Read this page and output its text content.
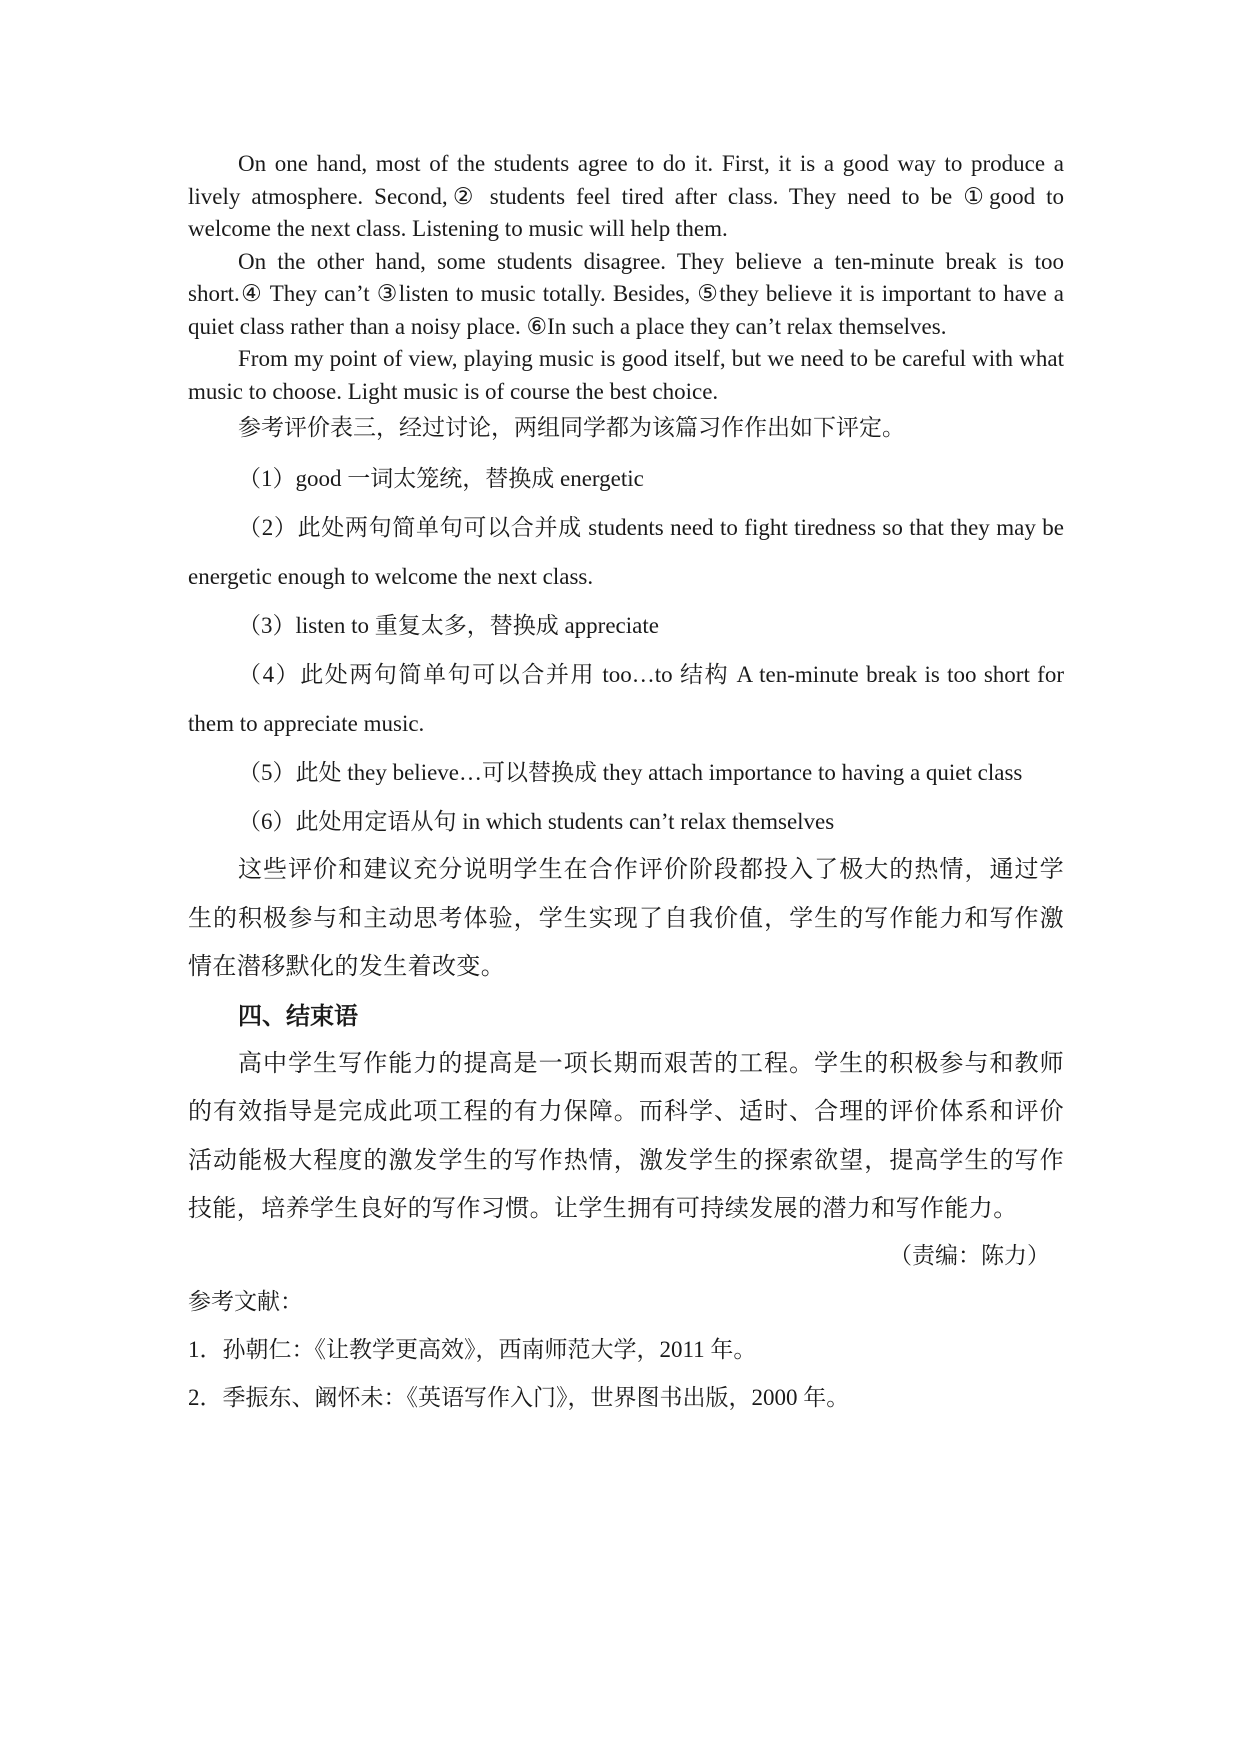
On one hand, most of the students agree to do it. First, it is a good way to produce a lively atmosphere. Second,② students feel tired after class. They need to be ①good to welcome the next class. Listening to music will help them.

On the other hand, some students disagree. They believe a ten-minute break is too short.④ They can’t ③listen to music totally. Besides, ⑤they believe it is important to have a quiet class rather than a noisy place. ⑥In such a place they can’t relax themselves.

From my point of view, playing music is good itself, but we need to be careful with what music to choose. Light music is of course the best choice.

参考评价表三，经过讨论，两组同学都为该篇习作作出如下评定。

（1）good 一词太笼统，替换成 energetic

（2）此处两句简单句可以合并成 students need to fight tiredness so that they may be energetic enough to welcome the next class.

（3）listen to 重复太多，替换成 appreciate

（4）此处两句简单句可以合并用 too…to 结构 A ten-minute break is too short for them to appreciate music.

（5）此处 they believe…可以替换成 they attach importance to having a quiet class

（6）此处用定语从句 in which students can’t relax themselves

这些评价和建议充分说明学生在合作评价阶段都投入了极大的热情，通过学生的积极参与和主动思考体验，学生实现了自我价值，学生的写作能力和写作激情在潜移默化的发生着改变。

四、结束语

高中学生写作能力的提高是一项长期而艰苦的工程。学生的积极参与和教师的有效指导是完成此项工程的有力保障。而科学、适时、合理的评价体系和评价活动能极大程度的激发学生的写作热情，激发学生的探索欲望，提高学生的写作技能，培养学生良好的写作习惯。让学生拥有可持续发展的潜力和写作能力。

（责编：陈力）

参考文献：

1．孙朝仁：《让教学更高效》，西南师范大学，2011 年。

2．季振东、阚怀未：《英语写作入门》，世界图书出版，2000 年。
